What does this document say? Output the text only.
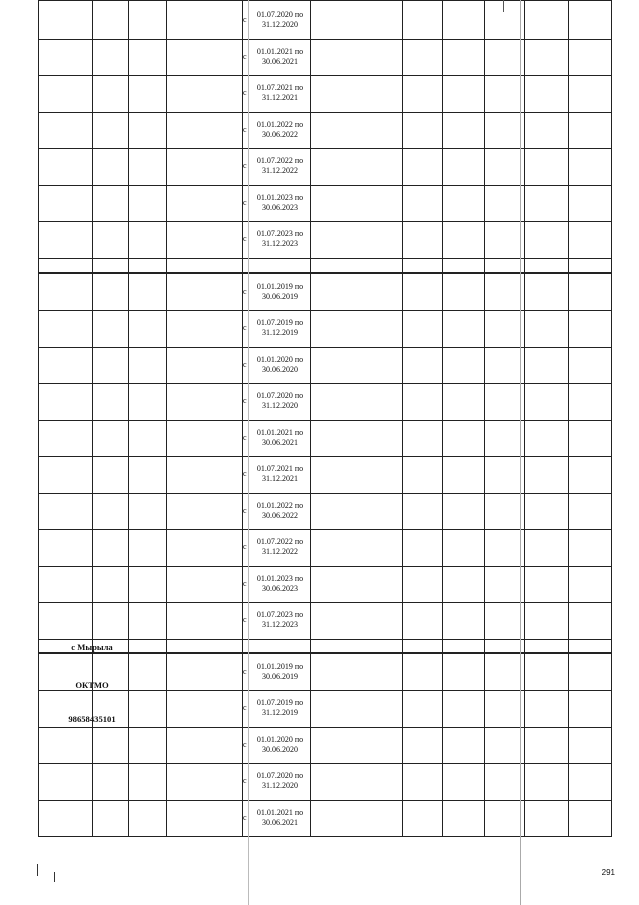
с
01.07.2020 по 31.12.2020
с
01.01.2021 по 30.06.2021
с
01.07.2021 по 31.12.2021
с
01.01.2022 по 30.06.2022
с
01.07.2022 по 31.12.2022
с
01.01.2023 по 30.06.2023
с
01.07.2023 по 31.12.2023
с
01.01.2019 по 30.06.2019
с
01.07.2019 по 31.12.2019
с
01.01.2020 по 30.06.2020
с
01.07.2020 по 31.12.2020
с
01.01.2021 по 30.06.2021
с
01.07.2021 по 31.12.2021
с
01.01.2022 по 30.06.2022
с
01.07.2022 по 31.12.2022
с
01.01.2023 по 30.06.2023
с
01.07.2023 по 31.12.2023
с
01.01.2019 по 30.06.2019
с
01.07.2019 по 31.12.2019
с
01.01.2020 по 30.06.2020
с
01.07.2020 по 31.12.2020
с
01.01.2021 по 30.06.2021
с Мырыла
ОКТМО
98658435101
291
